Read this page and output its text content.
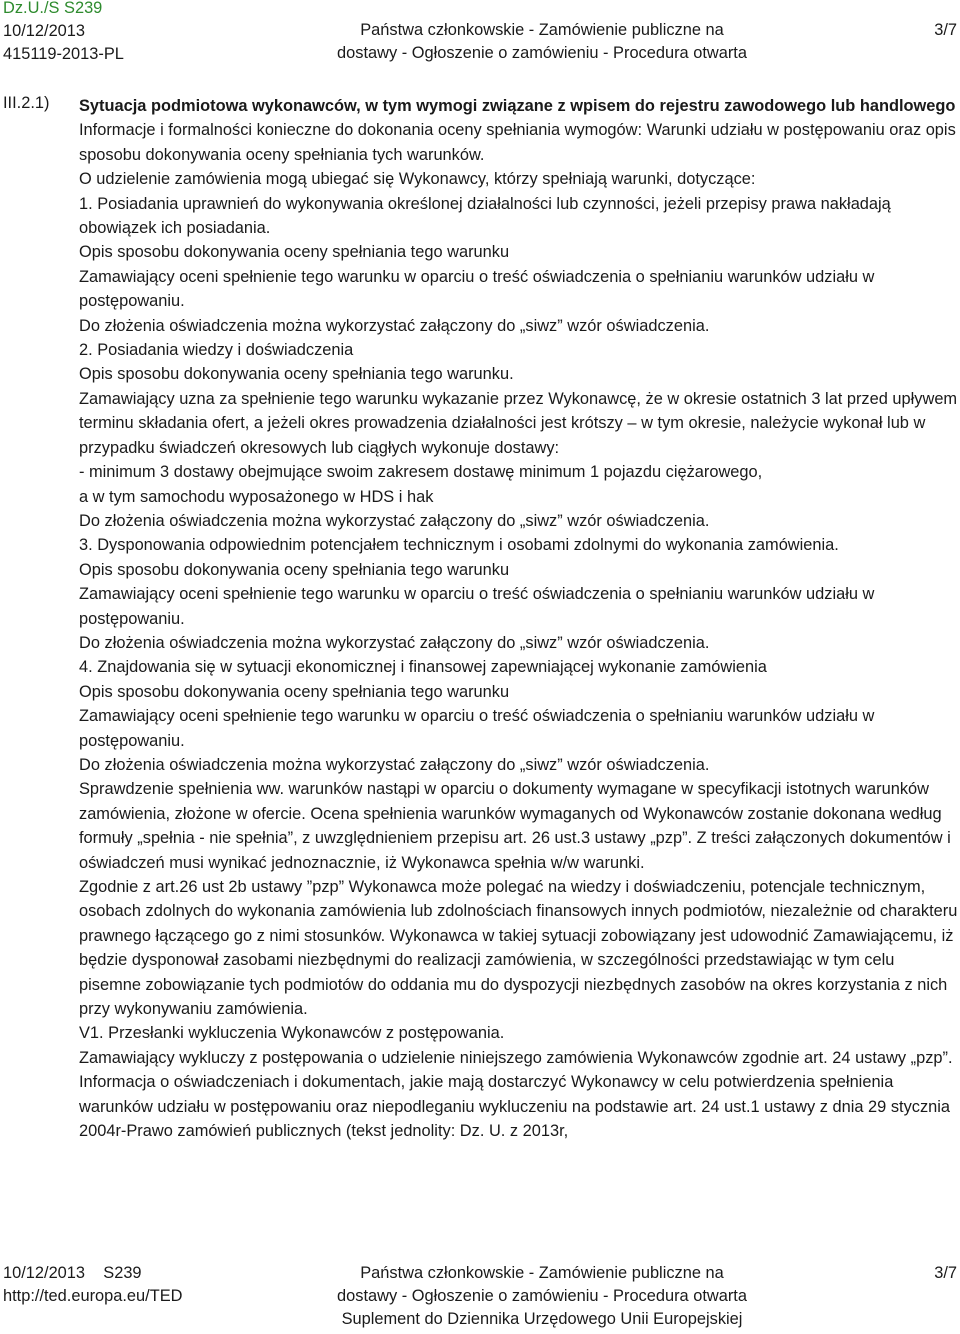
Dz.U./S S239
10/12/2013
415119-2013-PL
Państwa członkowskie - Zamówienie publiczne na
dostawy - Ogłoszenie o zamówieniu - Procedura otwarta
3/7
III.2.1) Sytuacja podmiotowa wykonawców, w tym wymogi związane z wpisem do rejestru zawodowego lub handlowego

Informacje i formalności konieczne do dokonania oceny spełniania wymogów: Warunki udziału w postępowaniu oraz opis sposobu dokonywania oceny spełniania tych warunków.

O udzielenie zamówienia mogą ubiegać się Wykonawcy, którzy spełniają warunki, dotyczące:

1. Posiadania uprawnień do wykonywania określonej działalności lub czynności, jeżeli przepisy prawa nakładają obowiązek ich posiadania.

Opis sposobu dokonywania oceny spełniania tego warunku

Zamawiający oceni spełnienie tego warunku w oparciu o treść oświadczenia o spełnianiu warunków udziału w postępowaniu.

Do złożenia oświadczenia można wykorzystać załączony do „siwz” wzór oświadczenia.

2. Posiadania wiedzy i doświadczenia

Opis sposobu dokonywania oceny spełniania tego warunku.

Zamawiający uzna za spełnienie tego warunku wykazanie przez Wykonawcę, że w okresie ostatnich 3 lat przed upływem terminu składania ofert, a jeżeli okres prowadzenia działalności jest krótszy – w tym okresie, należycie wykonał lub w przypadku świadczeń okresowych lub ciągłych wykonuje dostawy:

- minimum 3 dostawy obejmujące swoim zakresem dostawę minimum 1 pojazdu ciężarowego,

a w tym samochodu wyposażonego w HDS i hak

Do złożenia oświadczenia można wykorzystać załączony do „siwz” wzór oświadczenia.

3. Dysponowania odpowiednim potencjałem technicznym i osobami zdolnymi do wykonania zamówienia.

Opis sposobu dokonywania oceny spełniania tego warunku

Zamawiający oceni spełnienie tego warunku w oparciu o treść oświadczenia o spełnianiu warunków udziału w postępowaniu.

Do złożenia oświadczenia można wykorzystać załączony do „siwz” wzór oświadczenia.

4. Znajdowania się w sytuacji ekonomicznej i finansowej zapewniającej wykonanie zamówienia

Opis sposobu dokonywania oceny spełniania tego warunku

Zamawiający oceni spełnienie tego warunku w oparciu o treść oświadczenia o spełnianiu warunków udziału w postępowaniu.

Do złożenia oświadczenia można wykorzystać załączony do „siwz” wzór oświadczenia.

Sprawdzenie spełnienia ww. warunków nastąpi w oparciu o dokumenty wymagane w specyfikacji istotnych warunków zamówienia, złożone w ofercie. Ocena spełnienia warunków wymaganych od Wykonawców zostanie dokonana według formuły „spełnia - nie spełnia”, z uwzględnieniem przepisu art. 26 ust.3 ustawy „pzp”. Z treści załączonych dokumentów i oświadczeń musi wynikać jednoznacznie, iż Wykonawca spełnia w/w warunki.

Zgodnie z art.26 ust 2b ustawy ”pzp” Wykonawca może polegać na wiedzy i doświadczeniu, potencjale technicznym, osobach zdolnych do wykonania zamówienia lub zdolnościach finansowych innych podmiotów, niezależnie od charakteru prawnego łączącego go z nimi stosunków. Wykonawca w takiej sytuacji zobowiązany jest udowodnić Zamawiającemu, iż będzie dysponował zasobami niezbędnymi do realizacji zamówienia, w szczególności przedstawiając w tym celu pisemne zobowiązanie tych podmiotów do oddania mu do dyspozycji niezbędnych zasobów na okres korzystania z nich przy wykonywaniu zamówienia.

V1. Przesłanki wykluczenia Wykonawców z postępowania.

Zamawiający wykluczy z postępowania o udzielenie niniejszego zamówienia Wykonawców zgodnie art. 24 ustawy „pzp”.

Informacja o oświadczeniach i dokumentach, jakie mają dostarczyć Wykonawcy w celu potwierdzenia spełnienia warunków udziału w postępowaniu oraz niepodleganiu wykluczeniu na podstawie art. 24 ust.1 ustawy z dnia 29 stycznia 2004r-Prawo zamówień publicznych (tekst jednolity: Dz. U. z 2013r,

10/12/2013 S239
http://ted.europa.eu/TED
Państwa członkowskie - Zamówienie publiczne na
dostawy - Ogłoszenie o zamówieniu - Procedura otwarta
Suplement do Dziennika Urzędowego Unii Europejskiej
3/7
